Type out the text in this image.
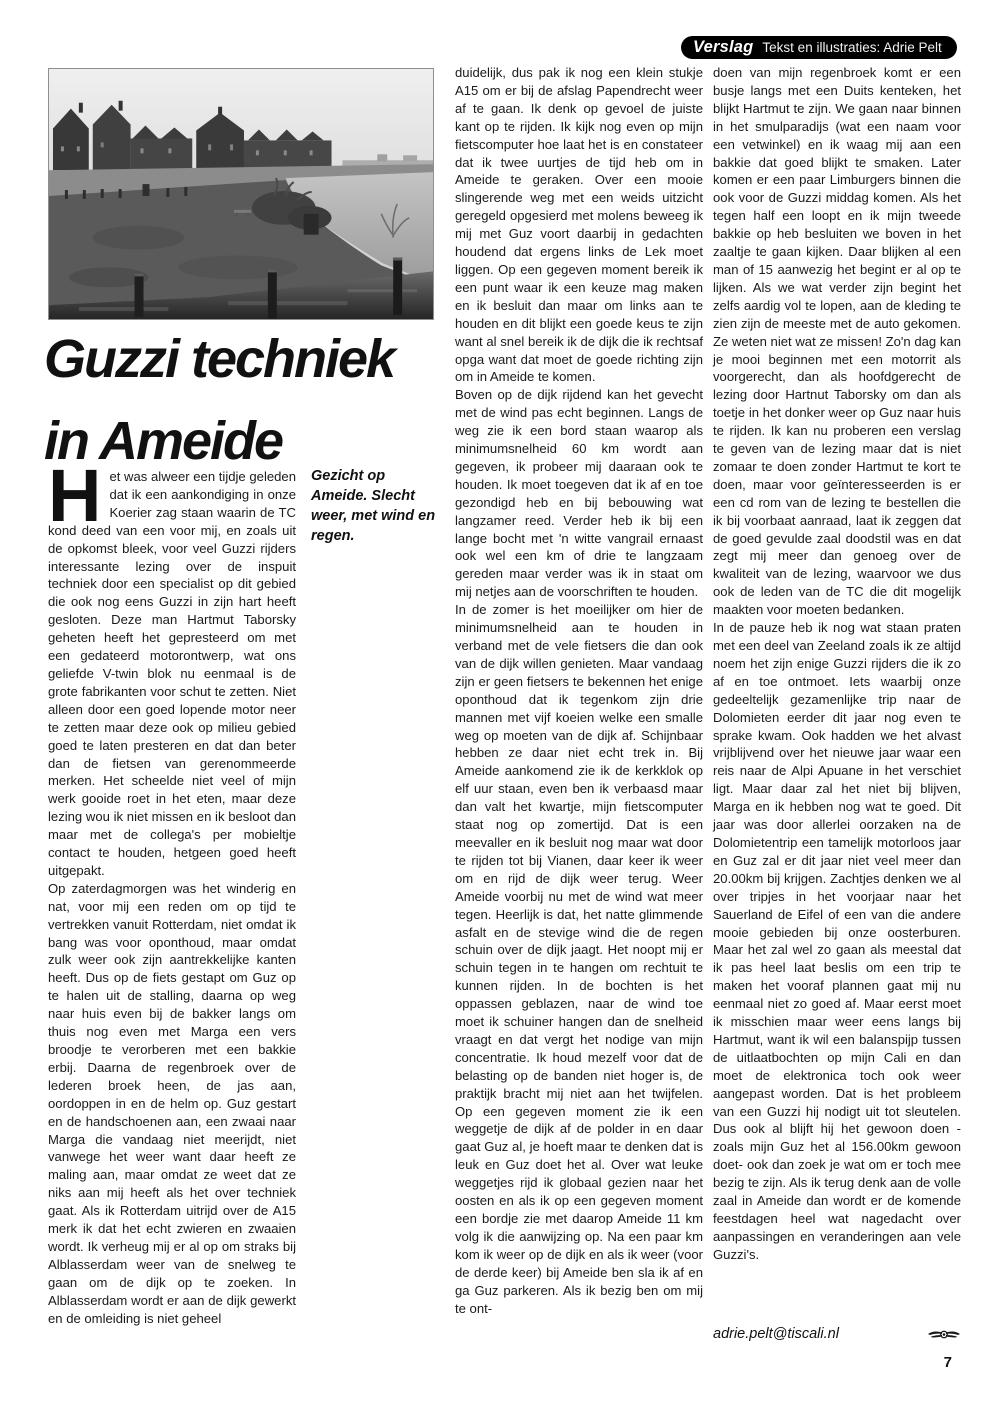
Verslag Tekst en illustraties: Adrie Pelt
Guzzi techniek
in Ameide
Gezicht op Ameide. Slecht weer, met wind en regen.

Het was alweer een tijdje geleden dat ik een aankondiging in onze Koerier zag staan waarin de TC kond deed van een voor mij, en zoals uit de opkomst bleek, voor veel Guzzi rijders interessante lezing over de inspuit techniek door een specialist op dit gebied die ook nog eens Guzzi in zijn hart heeft gesloten. Deze man Hartmut Taborsky geheten heeft het gepresteerd om met een gedateerd motorontwerp, wat ons geliefde V-twin blok nu eenmaal is de grote fabrikanten voor schut te zetten. Niet alleen door een goed lopende motor neer te zetten maar deze ook op milieu gebied goed te laten presteren en dat dan beter dan de fietsen van gerenommeerde merken. Het scheelde niet veel of mijn werk gooide roet in het eten, maar deze lezing wou ik niet missen en ik besloot dan maar met de collega's per mobieltje contact te houden, hetgeen goed heeft uitgepakt.

Op zaterdagmorgen was het winderig en nat, voor mij een reden om op tijd te vertrekken vanuit Rotterdam, niet omdat ik bang was voor oponthoud, maar omdat zulk weer ook zijn aantrekkelijke kanten heeft. Dus op de fiets gestapt om Guz op te halen uit de stalling, daarna op weg naar huis even bij de bakker langs om thuis nog even met Marga een vers broodje te verorberen met een bakkie erbij. Daarna de regenbroek over de lederen broek heen, de jas aan, oordoppen in en de helm op. Guz gestart en de handschoenen aan, een zwaai naar Marga die vandaag niet meerijdt, niet vanwege het weer want daar heeft ze maling aan, maar omdat ze weet dat ze niks aan mij heeft als het over techniek gaat. Als ik Rotterdam uitrijd over de A15 merk ik dat het echt zwieren en zwaaien wordt. Ik verheug mij er al op om straks bij Alblasserdam weer van de snelweg te gaan om de dijk op te zoeken. In Alblasserdam wordt er aan de dijk gewerkt en de omleiding is niet geheel

duidelijk, dus pak ik nog een klein stukje A15 om er bij de afslag Papendrecht weer af te gaan. Ik denk op gevoel de juiste kant op te rijden. Ik kijk nog even op mijn fietscomputer hoe laat het is en constateer dat ik twee uurtjes de tijd heb om in Ameide te geraken. Over een mooie slingerende weg met een weids uitzicht geregeld opgesierd met molens beweeg ik mij met Guz voort daarbij in gedachten houdend dat ergens links de Lek moet liggen. Op een gegeven moment bereik ik een punt waar ik een keuze mag maken en ik besluit dan maar om links aan te houden en dit blijkt een goede keus te zijn want al snel bereik ik de dijk die ik rechtsaf opga want dat moet de goede richting zijn om in Ameide te komen.

Boven op de dijk rijdend kan het gevecht met de wind pas echt beginnen. Langs de weg zie ik een bord staan waarop als minimumsnelheid 60 km wordt aan gegeven, ik probeer mij daaraan ook te houden. Ik moet toegeven dat ik af en toe gezondigd heb en bij bebouwing wat langzamer reed. Verder heb ik bij een lange bocht met 'n witte vangrail ernaast ook wel een km of drie te langzaam gereden maar verder was ik in staat om mij netjes aan de voorschriften te houden.

In de zomer is het moeilijker om hier de minimumsnelheid aan te houden in verband met de vele fietsers die dan ook van de dijk willen genieten. Maar vandaag zijn er geen fietsers te bekennen het enige oponthoud dat ik tegenkom zijn drie mannen met vijf koeien welke een smalle weg op moeten van de dijk af. Schijnbaar hebben ze daar niet echt trek in. Bij Ameide aankomend zie ik de kerkklok op elf uur staan, even ben ik verbaasd maar dan valt het kwartje, mijn fietscomputer staat nog op zomertijd. Dat is een meevaller en ik besluit nog maar wat door te rijden tot bij Vianen, daar keer ik weer om en rijd de dijk weer terug. Weer Ameide voorbij nu met de wind wat meer tegen. Heerlijk is dat, het natte glimmende asfalt en de stevige wind die de regen schuin over de dijk jaagt. Het noopt mij er schuin tegen in te hangen om rechtuit te kunnen rijden. In de bochten is het oppassen geblazen, naar de wind toe moet ik schuiner hangen dan de snelheid vraagt en dat vergt het nodige van mijn concentratie. Ik houd mezelf voor dat de belasting op de banden niet hoger is, de praktijk bracht mij niet aan het twijfelen. Op een gegeven moment zie ik een weggetje de dijk af de polder in en daar gaat Guz al, je hoeft maar te denken dat is leuk en Guz doet het al. Over wat leuke weggetjes rijd ik globaal gezien naar het oosten en als ik op een gegeven moment een bordje zie met daarop Ameide 11 km volg ik die aanwijzing op. Na een paar km kom ik weer op de dijk en als ik weer (voor de derde keer) bij Ameide ben sla ik af en ga Guz parkeren. Als ik bezig ben om mij te ont-

doen van mijn regenbroek komt er een busje langs met een Duits kenteken, het blijkt Hartmut te zijn. We gaan naar binnen in het smulparadijs (wat een naam voor een vetwinkel) en ik waag mij aan een bakkie dat goed blijkt te smaken. Later komen er een paar Limburgers binnen die ook voor de Guzzi middag komen. Als het tegen half een loopt en ik mijn tweede bakkie op heb besluiten we boven in het zaaltje te gaan kijken. Daar blijken al een man of 15 aanwezig het begint er al op te lijken. Als we wat verder zijn begint het zelfs aardig vol te lopen, aan de kleding te zien zijn de meeste met de auto gekomen. Ze weten niet wat ze missen! Zo'n dag kan je mooi beginnen met een motorrit als voorgerecht, dan als hoofdgerecht de lezing door Hartnut Taborsky om dan als toetje in het donker weer op Guz naar huis te rijden. Ik kan nu proberen een verslag te geven van de lezing maar dat is niet zomaar te doen zonder Hartmut te kort te doen, maar voor geïnteresseerden is er een cd rom van de lezing te bestellen die ik bij voorbaat aanraad, laat ik zeggen dat de goed gevulde zaal doodstil was en dat zegt mij meer dan genoeg over de kwaliteit van de lezing, waarvoor we dus ook de leden van de TC die dit mogelijk maakten voor moeten bedanken.

In de pauze heb ik nog wat staan praten met een deel van Zeeland zoals ik ze altijd noem het zijn enige Guzzi rijders die ik zo af en toe ontmoet. Iets waarbij onze gedeeltelijk gezamenlijke trip naar de Dolomieten eerder dit jaar nog even te sprake kwam. Ook hadden we het alvast vrijblijvend over het nieuwe jaar waar een reis naar de Alpi Apuane in het verschiet ligt. Maar daar zal het niet bij blijven, Marga en ik hebben nog wat te goed. Dit jaar was door allerlei oorzaken na de Dolomietentrip een tamelijk motorloos jaar en Guz zal er dit jaar niet veel meer dan 20.00km bij krijgen. Zachtjes denken we al over tripjes in het voorjaar naar het Sauerland de Eifel of een van die andere mooie gebieden bij onze oosterburen. Maar het zal wel zo gaan als meestal dat ik pas heel laat beslis om een trip te maken het vooraf plannen gaat mij nu eenmaal niet zo goed af. Maar eerst moet ik misschien maar weer eens langs bij Hartmut, want ik wil een balanspijp tussen de uitlaatbochten op mijn Cali en dan moet de elektronica toch ook weer aangepast worden. Dat is het probleem van een Guzzi hij nodigt uit tot sleutelen. Dus ook al blijft hij het gewoon doen -zoals mijn Guz het al 156.00km gewoon doet- ook dan zoek je wat om er toch mee bezig te zijn. Als ik terug denk aan de volle zaal in Ameide dan wordt er de komende feestdagen heel wat nagedacht over aanpassingen en veranderingen aan vele Guzzi's.

adrie.pelt@tiscali.nl
7
